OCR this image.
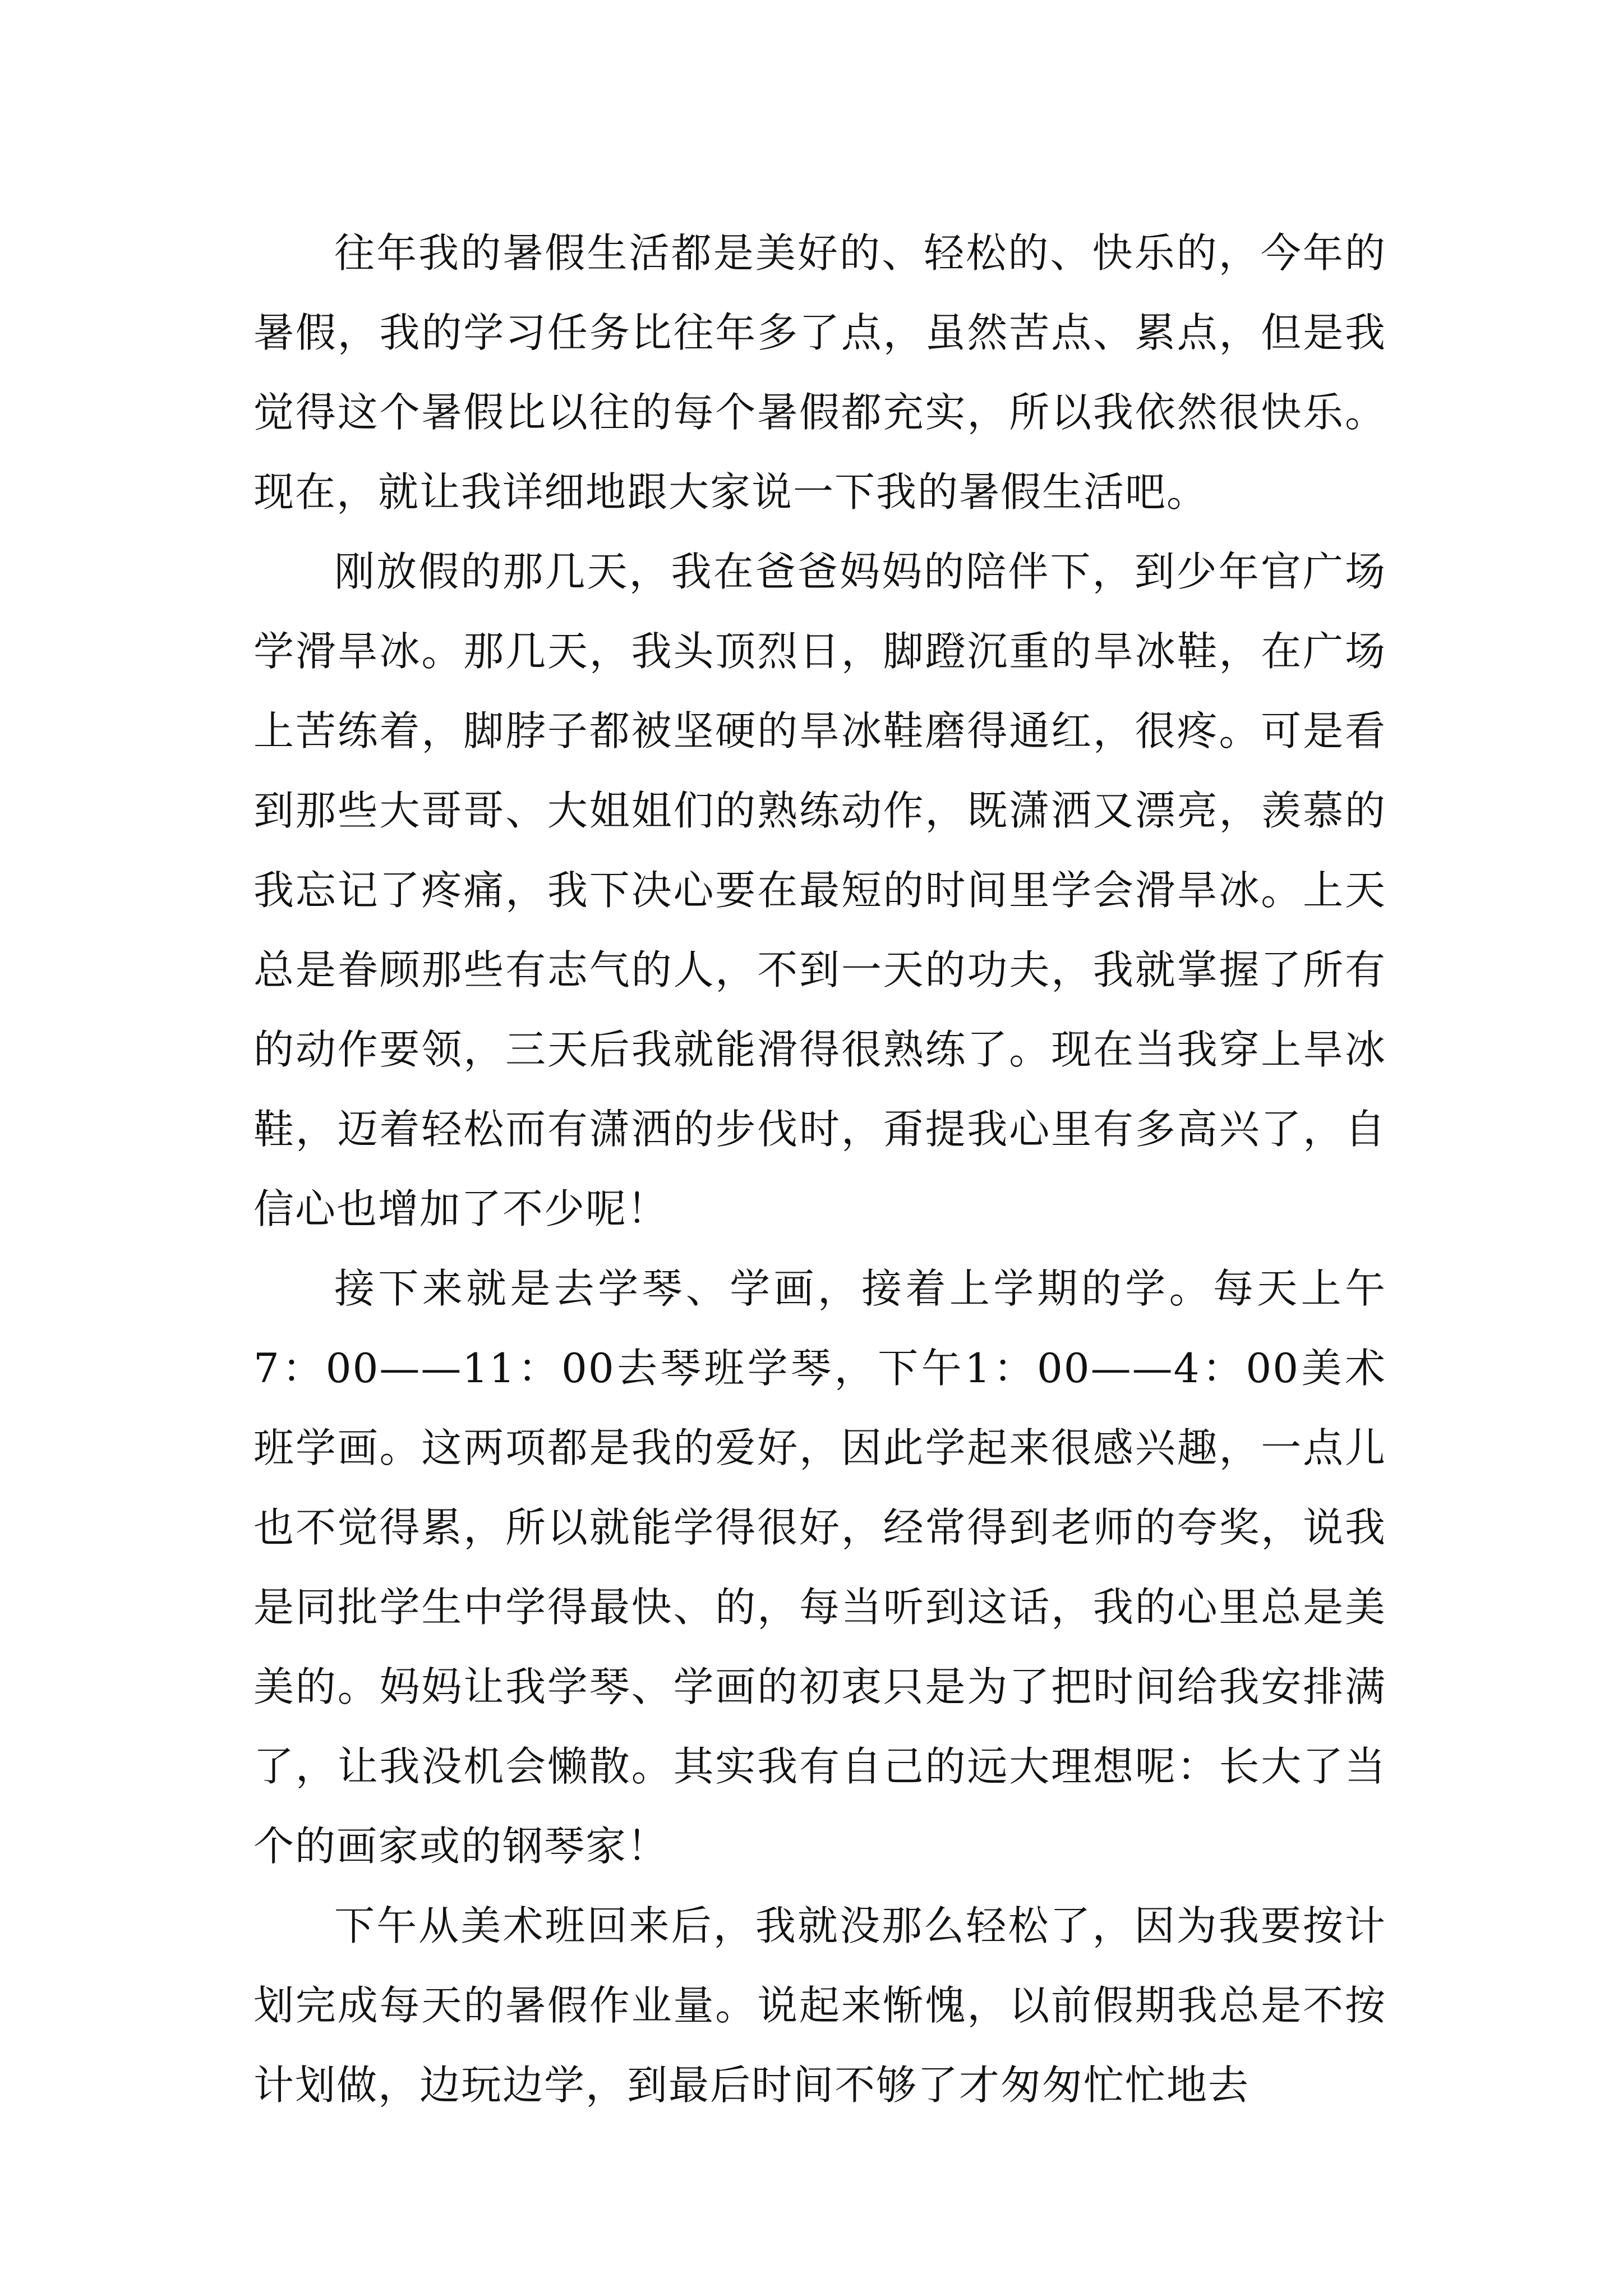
往年我的暑假生活都是美好的、轻松的、快乐的，今年的暑假，我的学习任务比往年多了点，虽然苦点、累点，但是我觉得这个暑假比以往的每个暑假都充实，所以我依然很快乐。现在，就让我详细地跟大家说一下我的暑假生活吧。

刚放假的那几天，我在爸爸妈妈的陪伴下，到少年官广场学滑旱冰。那几天，我头顶烈日，脚蹬沉重的旱冰鞋，在广场上苦练着，脚脖子都被坚硬的旱冰鞋磨得通红，很疼。可是看到那些大哥哥、大姐姐们的熟练动作，既潇洒又漂亮，羡慕的我忘记了疼痛，我下决心要在最短的时间里学会滑旱冰。上天总是眷顾那些有志气的人，不到一天的功夫，我就掌握了所有的动作要领，三天后我就能滑得很熟练了。现在当我穿上旱冰鞋，迈着轻松而有潇洒的步伐时，甭提我心里有多高兴了，自信心也增加了不少呢！

接下来就是去学琴、学画，接着上学期的学。每天上午7：00——11：00去琴班学琴，下午1：00——4：00美术班学画。这两项都是我的爱好，因此学起来很感兴趣，一点儿也不觉得累，所以就能学得很好，经常得到老师的夸奖，说我是同批学生中学得最快、的，每当听到这话，我的心里总是美美的。妈妈让我学琴、学画的初衷只是为了把时间给我安排满了，让我没机会懒散。其实我有自己的远大理想呢：长大了当个的画家或的钢琴家！

下午从美术班回来后，我就没那么轻松了，因为我要按计划完成每天的暑假作业量。说起来惭愧，以前假期我总是不按计划做，边玩边学，到最后时间不够了才匆匆忙忙地去
